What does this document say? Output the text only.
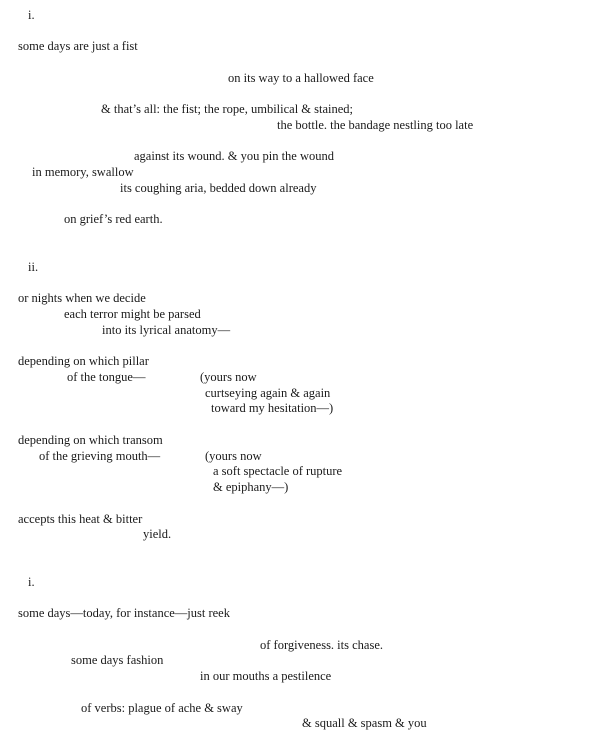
i.
some days are just a fist
on its way to a hallowed face
& that’s all: the fist; the rope, umbilical & stained;
the bottle. the bandage nestling too late
against its wound. & you pin the wound
in memory, swallow
its coughing aria, bedded down already
on grief’s red earth.
ii.
or nights when we decide
each terror might be parsed
into its lyrical anatomy—
depending on which pillar
of the tongue—	(yours now
curtseying again & again
toward my hesitation—)
depending on which transom
of the grieving mouth—	(yours now
a soft spectacle of rupture
& epiphany—)
accepts this heat & bitter
yield.
i.
some days—today, for instance—just reek
of forgiveness. its chase.
some days fashion
in our mouths a pestilence
of verbs: plague of ache & sway
& squall & spasm & you
